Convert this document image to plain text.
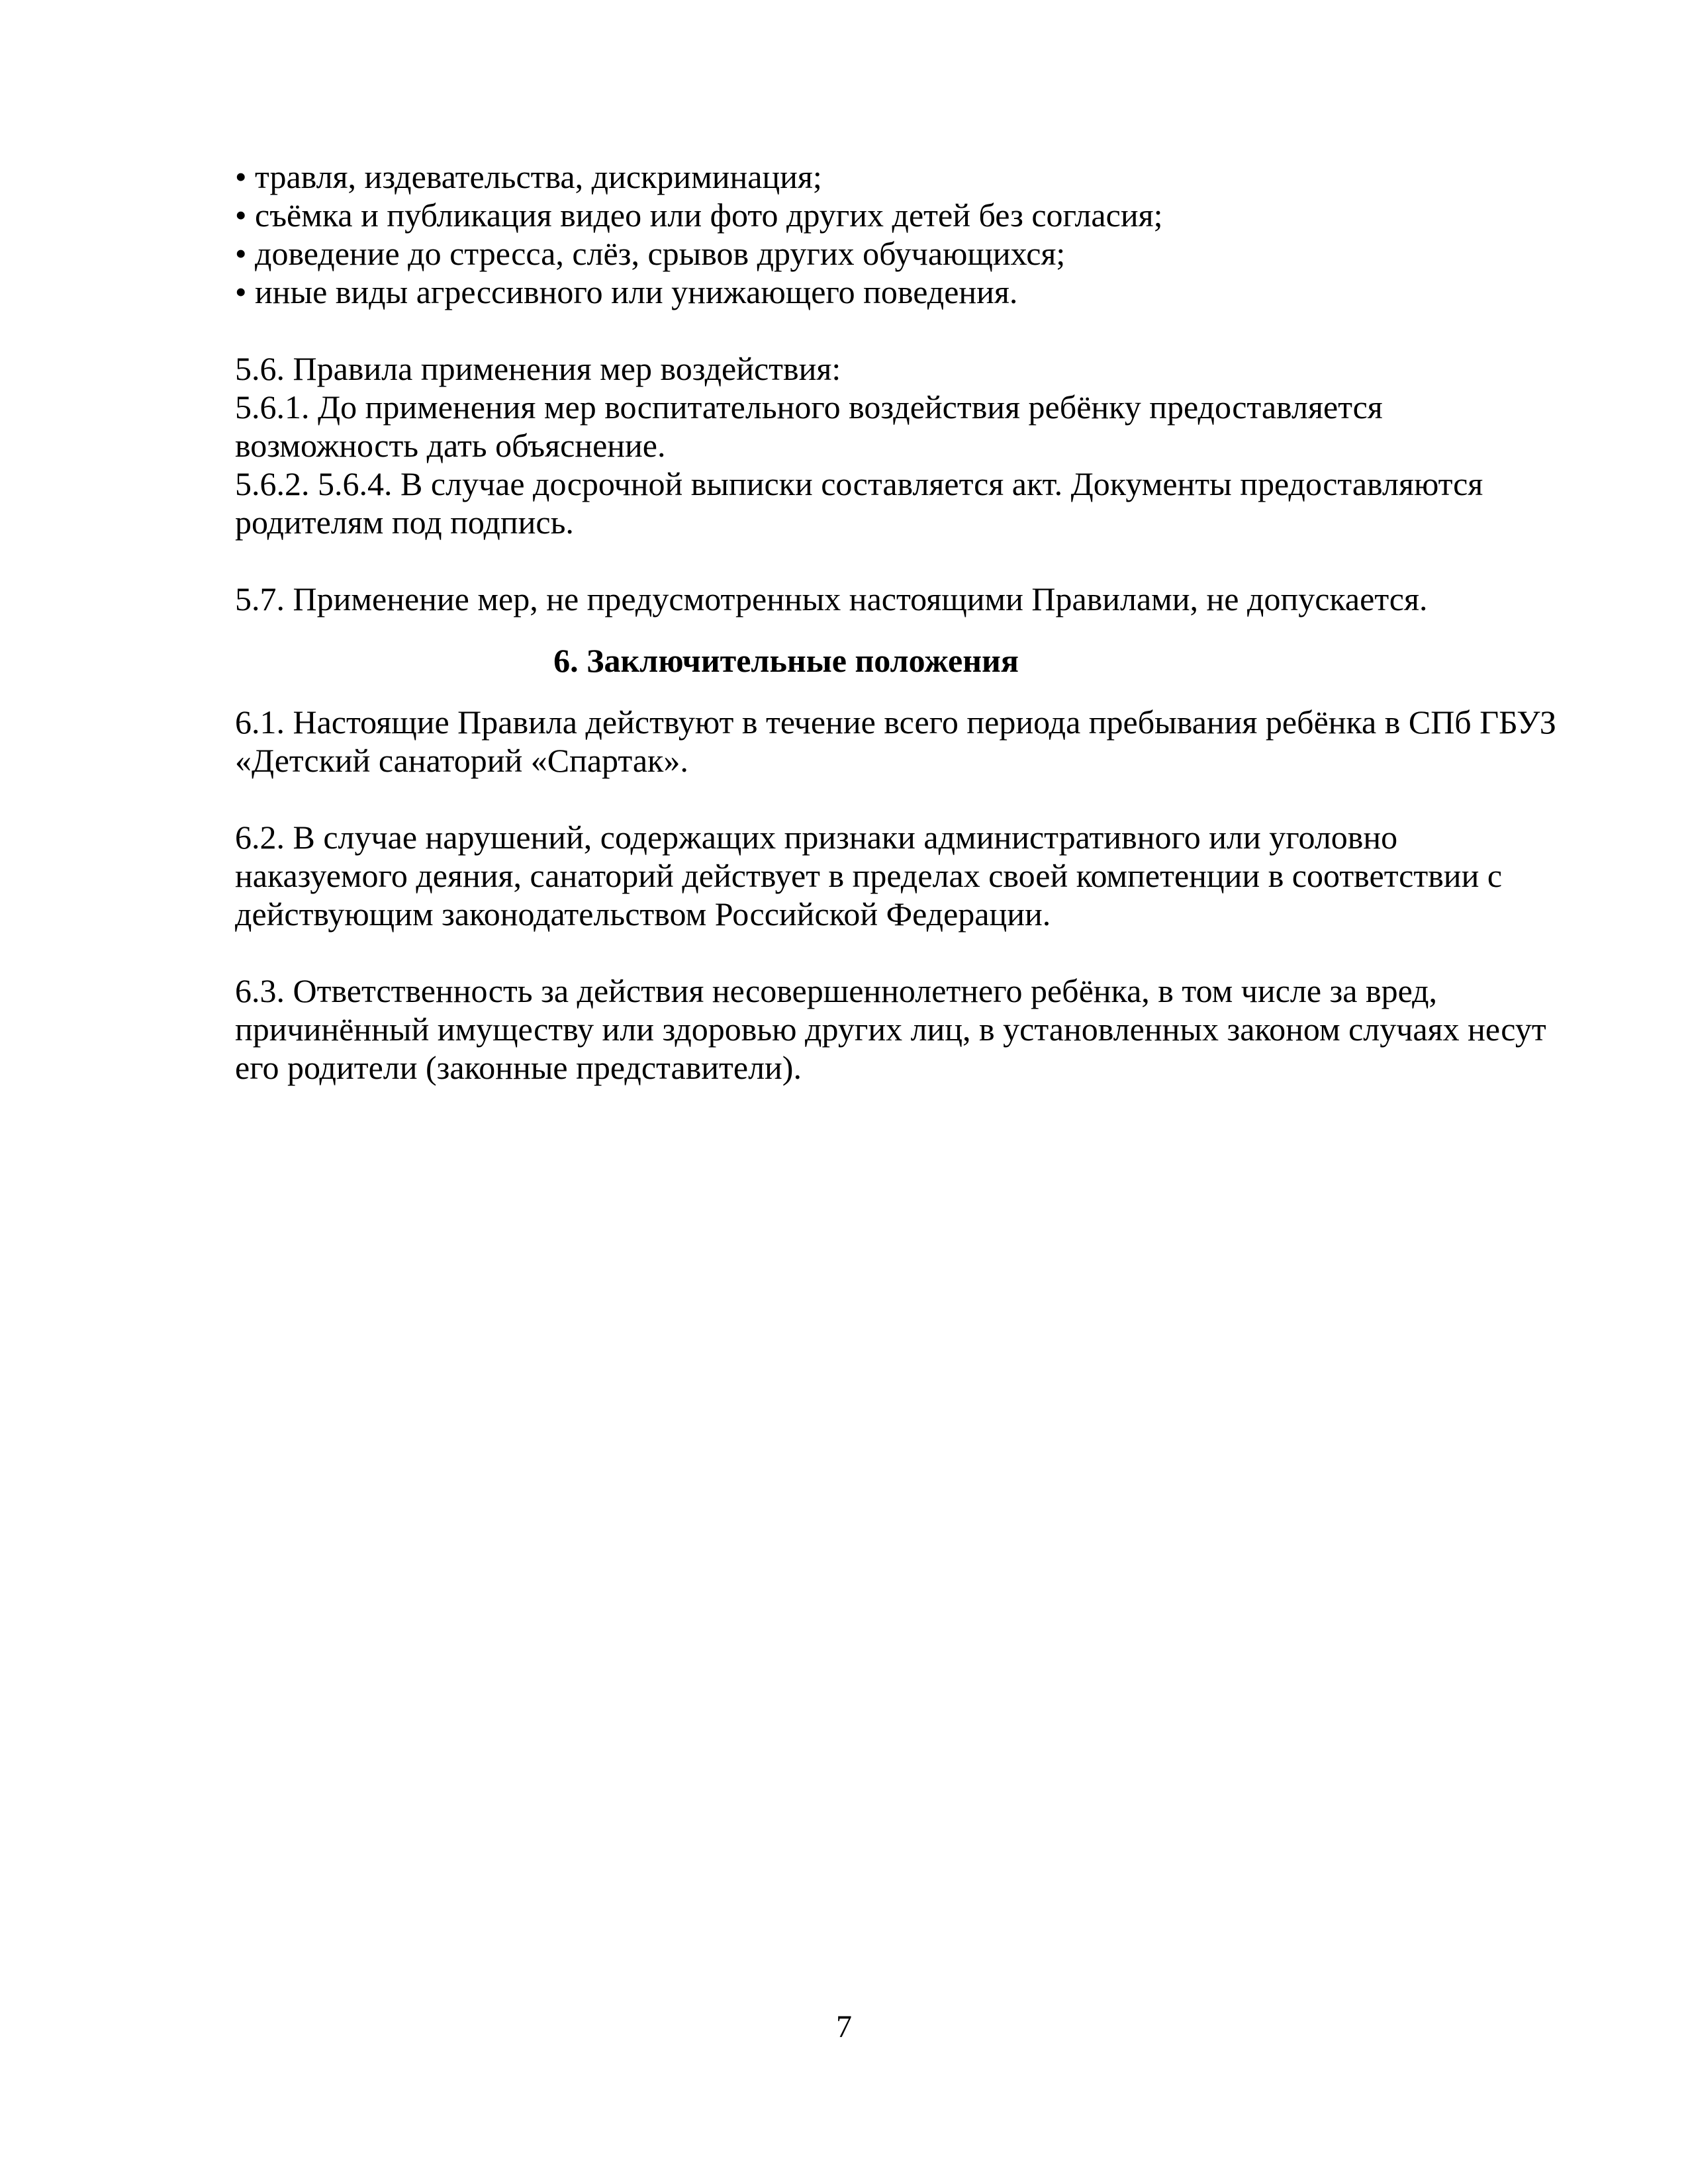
• травля, издевательства, дискриминация;
• съёмка и публикация видео или фото других детей без согласия;
• доведение до стресса, слёз, срывов других обучающихся;
• иные виды агрессивного или унижающего поведения.
5.6. Правила применения мер воздействия:
5.6.1. До применения мер воспитательного воздействия ребёнку предоставляется
возможность дать объяснение.
5.6.2. 5.6.4. В случае досрочной выписки составляется акт. Документы предоставляются
родителям под подпись.
5.7. Применение мер, не предусмотренных настоящими Правилами, не допускается.
6. Заключительные положения
6.1. Настоящие Правила действуют в течение всего периода пребывания ребёнка в СПб ГБУЗ
«Детский санаторий «Спартак».
6.2. В случае нарушений, содержащих признаки административного или уголовно
наказуемого деяния, санаторий действует в пределах своей компетенции в соответствии с
действующим законодательством Российской Федерации.
6.3. Ответственность за действия несовершеннолетнего ребёнка, в том числе за вред,
причинённый имуществу или здоровью других лиц, в установленных законом случаях несут
его родители (законные представители).
7
